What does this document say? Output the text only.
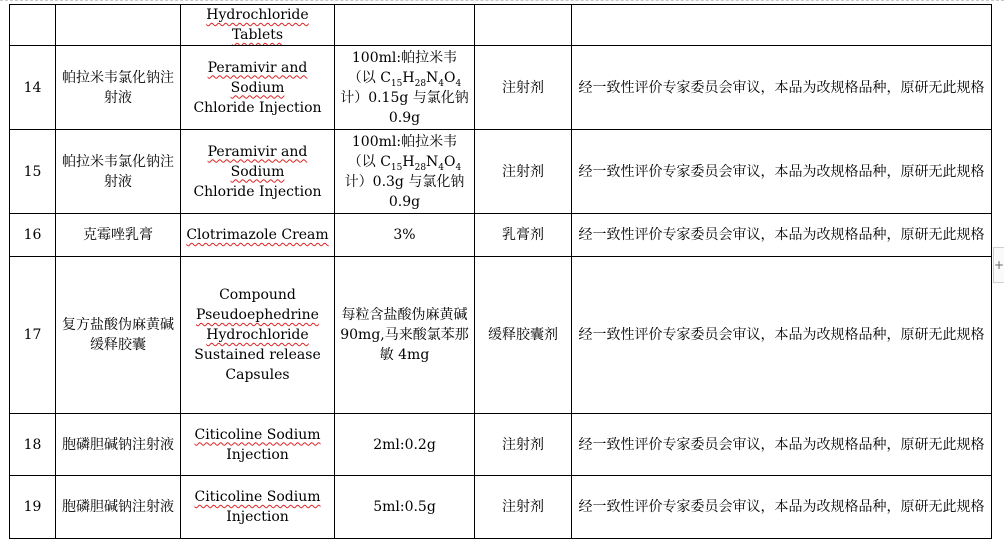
		Hydrochloride Tablets			
14	帕拉米韦氯化钠注射液	Peramivir and Sodium
Chloride Injection	100ml:帕拉米韦（以 $C_{15}H_{28}N_4O_4$计）0.15g 与氯化钠 0.9g	注射剂	经一致性评价专家委员会审议，本品为改规格品种，原研无此规格
15	帕拉米韦氯化钠注射液	Peramivir and Sodium
Chloride Injection	100ml:帕拉米韦（以 $C_{15}H_{28}N_4O_4$计）0.3g 与氯化钠 0.9g	注射剂	经一致性评价专家委员会审议，本品为改规格品种，原研无此规格
16	克霉唑乳膏	Clotrimazole Cream	3%	乳膏剂	经一致性评价专家委员会审议，本品为改规格品种，原研无此规格
17	复方盐酸伪麻黄碱缓释胶囊	Compound
Pseudoephedrine
Hydrochloride
Sustained release
Capsules	每粒含盐酸伪麻黄碱 90mg,马来酸氯苯那敏 4mg	缓释胶囊剂	经一致性评价专家委员会审议，本品为改规格品种，原研无此规格
18	胞磷胆碱钠注射液	Citicoline Sodium
Injection	2ml:0.2g	注射剂	经一致性评价专家委员会审议，本品为改规格品种，原研无此规格
19	胞磷胆碱钠注射液	Citicoline Sodium
Injection	5ml:0.5g	注射剂	经一致性评价专家委员会审议，本品为改规格品种，原研无此规格
+
